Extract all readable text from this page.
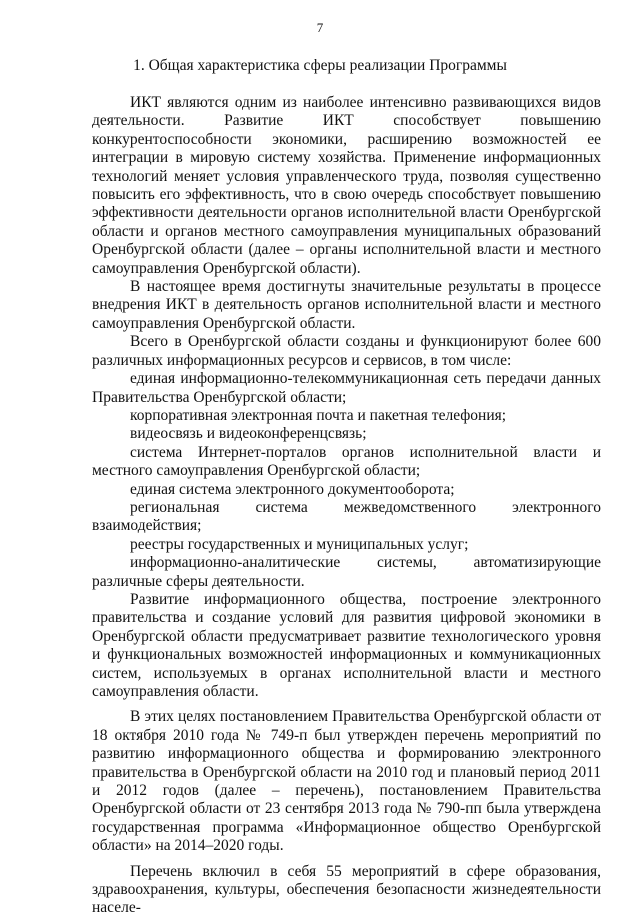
7
1. Общая характеристика сферы реализации Программы

ИКТ являются одним из наиболее интенсивно развивающихся видов деятельности. Развитие ИКТ способствует повышению конкурентоспособности экономики, расширению возможностей ее интеграции в мировую систему хозяйства. Применение информационных технологий меняет условия управленческого труда, позволяя существенно повысить его эффективность, что в свою очередь способствует повышению эффективности деятельности органов исполнительной власти Оренбургской области и органов местного самоуправления муниципальных образований Оренбургской области (далее – органы исполнительной власти и местного самоуправления Оренбургской области).

В настоящее время достигнуты значительные результаты в процессе внедрения ИКТ в деятельность органов исполнительной власти и местного самоуправления Оренбургской области.

Всего в Оренбургской области созданы и функционируют более 600 различных информационных ресурсов и сервисов, в том числе:

единая информационно-телекоммуникационная сеть передачи данных Правительства Оренбургской области;

корпоративная электронная почта и пакетная телефония;

видеосвязь и видеоконференцсвязь;

система Интернет-порталов органов исполнительной власти и местного самоуправления Оренбургской области;

единая система электронного документооборота;

региональная система межведомственного электронного взаимодействия;

реестры государственных и муниципальных услуг;

информационно-аналитические системы, автоматизирующие различные сферы деятельности.

Развитие информационного общества, построение электронного правительства и создание условий для развития цифровой экономики в Оренбургской области предусматривает развитие технологического уровня и функциональных возможностей информационных и коммуникационных систем, используемых в органах исполнительной власти и местного самоуправления области.

В этих целях постановлением Правительства Оренбургской области от 18 октября 2010 года № 749-п был утвержден перечень мероприятий по развитию информационного общества и формированию электронного правительства в Оренбургской области на 2010 год и плановый период 2011 и 2012 годов (далее – перечень), постановлением Правительства Оренбургской области от 23 сентября 2013 года № 790-пп была утверждена государственная программа «Информационное общество Оренбургской области» на 2014–2020 годы.

Перечень включил в себя 55 мероприятий в сфере образования, здравоохранения, культуры, обеспечения безопасности жизнедеятельности населе-
